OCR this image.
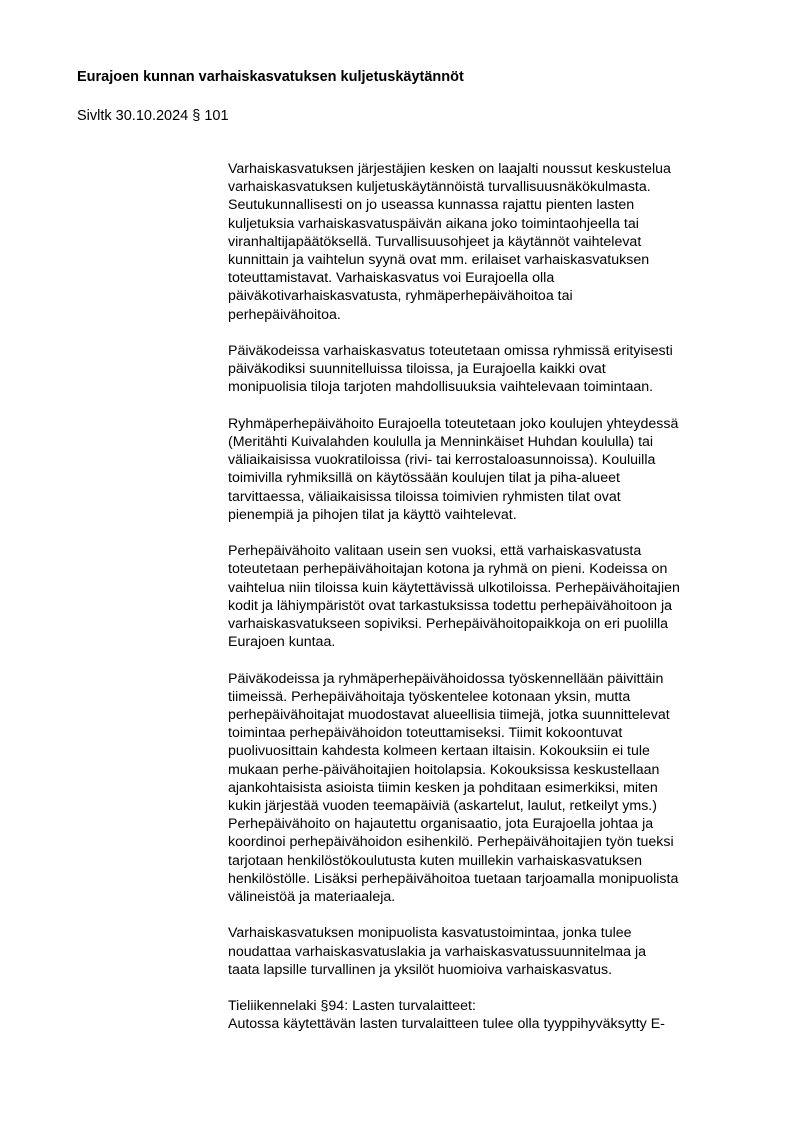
Eurajoen kunnan varhaiskasvatuksen kuljetuskäytännöt
Sivltk 30.10.2024 § 101

Varhaiskasvatuksen järjestäjien kesken on laajalti noussut keskustelua
varhaiskasvatuksen kuljetuskäytännöistä turvallisuusnäkökulmasta.
Seutukunnallisesti on jo useassa kunnassa rajattu pienten lasten
kuljetuksia varhaiskasvatuspäivän aikana joko toimintaohjeella tai
viranhaltijapäätöksellä. Turvallisuusohjeet ja käytännöt vaihtelevat
kunnittain ja vaihtelun syynä ovat mm. erilaiset varhaiskasvatuksen
toteuttamistavat. Varhaiskasvatus voi Eurajoella olla
päiväkotivarhaiskasvatusta, ryhmäperhepäivähoitoa tai
perhepäivähoitoa.

Päiväkodeissa varhaiskasvatus toteutetaan omissa ryhmissä erityisesti
päiväkodiksi suunnitelluissa tiloissa, ja Eurajoella kaikki ovat
monipuolisia tiloja tarjoten mahdollisuuksia vaihtelevaan toimintaan.

Ryhmäperhepäivähoito Eurajoella toteutetaan joko koulujen yhteydessä
(Meritähti Kuivalahden koululla ja Menninkäiset Huhdan koululla) tai
väliaikaisissa vuokratiloissa (rivi- tai kerrostaloasunnoissa). Kouluilla
toimivilla ryhmiksillä on käytössään koulujen tilat ja piha-alueet
tarvittaessa, väliaikaisissa tiloissa toimivien ryhmisten tilat ovat
pienempiä ja pihojen tilat ja käyttö vaihtelevat.

Perhepäivähoito valitaan usein sen vuoksi, että varhaiskasvatusta
toteutetaan perhepäivähoitajan kotona ja ryhmä on pieni. Kodeissa on
vaihtelua niin tiloissa kuin käytettävissä ulkotiloissa. Perhepäivähoitajien
kodit ja lähiympäristöt ovat tarkastuksissa todettu perhepäivähoitoon ja
varhaiskasvatukseen sopiviksi. Perhepäivähoitopaikkoja on eri puolilla
Eurajoen kuntaa.

Päiväkodeissa ja ryhmäperhepäivähoidossa työskennellään päivittäin
tiimeissä. Perhepäivähoitaja työskentelee kotonaan yksin, mutta
perhepäivähoitajat muodostavat alueellisia tiimejä, jotka suunnittelevat
toimintaa perhepäivähoidon toteuttamiseksi. Tiimit kokoontuvat
puolivuosittain kahdesta kolmeen kertaan iltaisin. Kokouksiin ei tule
mukaan perhe-päivähoitajien hoitolapsia. Kokouksissa keskustellaan
ajankohtaisista asioista tiimin kesken ja pohditaan esimerkiksi, miten
kukin järjestää vuoden teemapäiviä (askartelut, laulut, retkeilyt yms.)
Perhepäivähoito on hajautettu organisaatio, jota Eurajoella johtaa ja
koordinoi perhepäivähoidon esihenkilö. Perhepäivähoitajien työn tueksi
tarjotaan henkilöstökoulutusta kuten muillekin varhaiskasvatuksen
henkilöstölle. Lisäksi perhepäivähoitoa tuetaan tarjoamalla monipuolista
välineistöä ja materiaaleja.

Varhaiskasvatuksen monipuolista kasvatustoimintaa, jonka tulee
noudattaa varhaiskasvatuslakia ja varhaiskasvatussuunnitelmaa ja
taata lapsille turvallinen ja yksilöt huomioiva varhaiskasvatus.

Tieliikennelaki §94: Lasten turvalaitteet:
Autossa käytettävän lasten turvalaitteen tulee olla tyyppihyväksytty E-
